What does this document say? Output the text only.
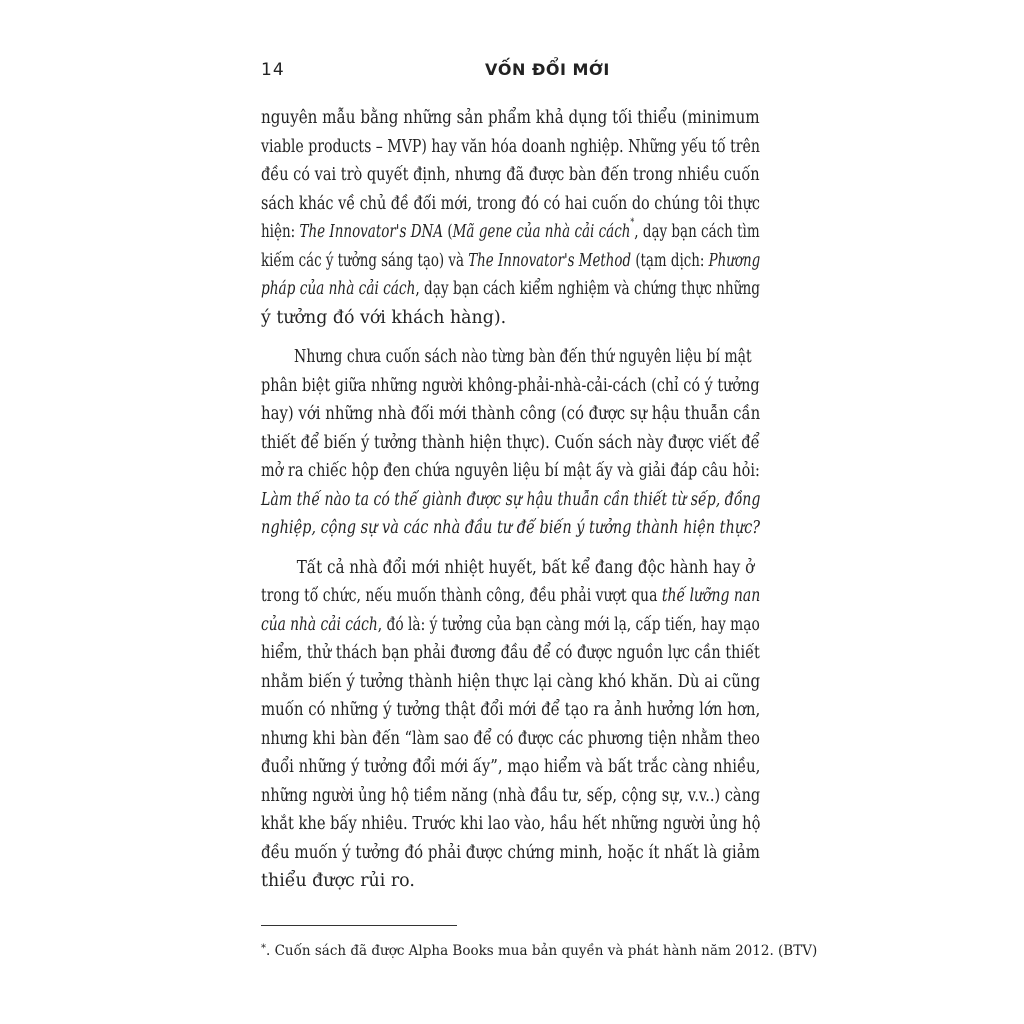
14	VỐN ĐỔI MỚI

nguyên mẫu bằng những sản phẩm khả dụng tối thiểu (minimum
viable products – MVP) hay văn hóa doanh nghiệp. Những yếu tố trên
đều có vai trò quyết định, nhưng đã được bàn đến trong nhiều cuốn
sách khác về chủ đề đổi mới, trong đó có hai cuốn do chúng tôi thực
hiện: The Innovator's DNA (Mã gene của nhà cải cách*, dạy bạn cách tìm
kiếm các ý tưởng sáng tạo) và The Innovator's Method (tạm dịch: Phương
pháp của nhà cải cách, dạy bạn cách kiểm nghiệm và chứng thực những
ý tưởng đó với khách hàng).

Nhưng chưa cuốn sách nào từng bàn đến thứ nguyên liệu bí mật
phân biệt giữa những người không-phải-nhà-cải-cách (chỉ có ý tưởng
hay) với những nhà đổi mới thành công (có được sự hậu thuẫn cần
thiết để biến ý tưởng thành hiện thực). Cuốn sách này được viết để
mở ra chiếc hộp đen chứa nguyên liệu bí mật ấy và giải đáp câu hỏi:
Làm thế nào ta có thể giành được sự hậu thuẫn cần thiết từ sếp, đồng
nghiệp, cộng sự và các nhà đầu tư để biến ý tưởng thành hiện thực?

Tất cả nhà đổi mới nhiệt huyết, bất kể đang độc hành hay ở
trong tổ chức, nếu muốn thành công, đều phải vượt qua thế lưỡng nan
của nhà cải cách, đó là: ý tưởng của bạn càng mới lạ, cấp tiến, hay mạo
hiểm, thử thách bạn phải đương đầu để có được nguồn lực cần thiết
nhằm biến ý tưởng thành hiện thực lại càng khó khăn. Dù ai cũng
muốn có những ý tưởng thật đổi mới để tạo ra ảnh hưởng lớn hơn,
nhưng khi bàn đến “làm sao để có được các phương tiện nhằm theo
đuổi những ý tưởng đổi mới ấy”, mạo hiểm và bất trắc càng nhiều,
những người ủng hộ tiềm năng (nhà đầu tư, sếp, cộng sự, v.v..) càng
khắt khe bấy nhiêu. Trước khi lao vào, hầu hết những người ủng hộ
đều muốn ý tưởng đó phải được chứng minh, hoặc ít nhất là giảm
thiểu được rủi ro.

*. Cuốn sách đã được Alpha Books mua bản quyền và phát hành năm 2012. (BTV)
